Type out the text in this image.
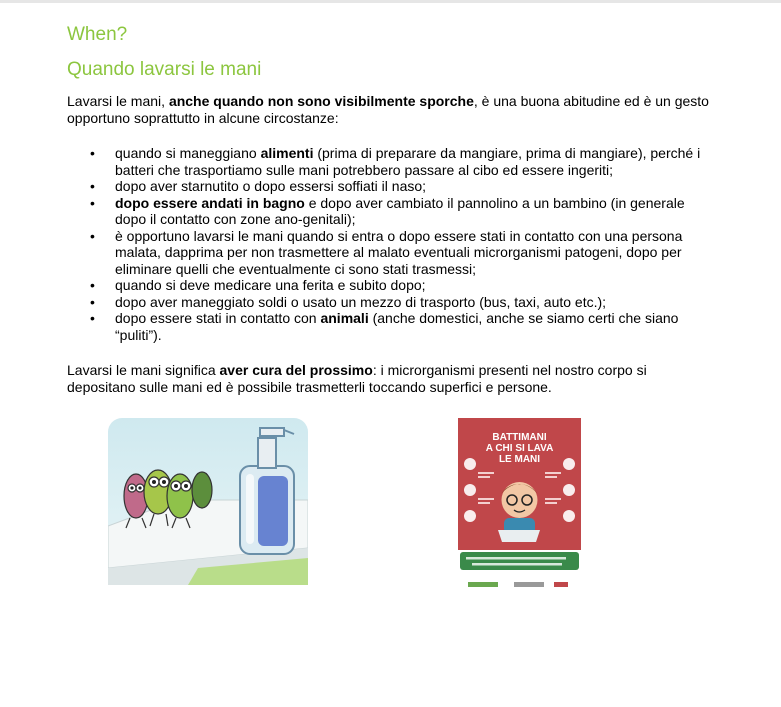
When?
Quando lavarsi le mani

Lavarsi le mani, anche quando non sono visibilmente sporche, è una buona abitudine ed è un gesto opportuno soprattutto in alcune circostanze:

• quando si maneggiano alimenti (prima di preparare da mangiare, prima di mangiare), perché i batteri che trasportiamo sulle mani potrebbero passare al cibo ed essere ingeriti;
• dopo aver starnutito o dopo essersi soffiati il naso;
• dopo essere andati in bagno e dopo aver cambiato il pannolino a un bambino (in generale dopo il contatto con zone ano-genitali);
• è opportuno lavarsi le mani quando si entra o dopo essere stati in contatto con una persona malata, dapprima per non trasmettere al malato eventuali microrganismi patogeni, dopo per eliminare quelli che eventualmente ci sono stati trasmessi;
• quando si deve medicare una ferita e subito dopo;
• dopo aver maneggiato soldi o usato un mezzo di trasporto (bus, taxi, auto etc.);
• dopo essere stati in contatto con animali (anche domestici, anche se siamo certi che siano “puliti”).

Lavarsi le mani significa aver cura del prossimo: i microrganismi presenti nel nostro corpo si depositano sulle mani ed è possibile trasmetterli toccando superfici e persone.

BATTIMANI
A CHI SI LAVA
LE MANI
